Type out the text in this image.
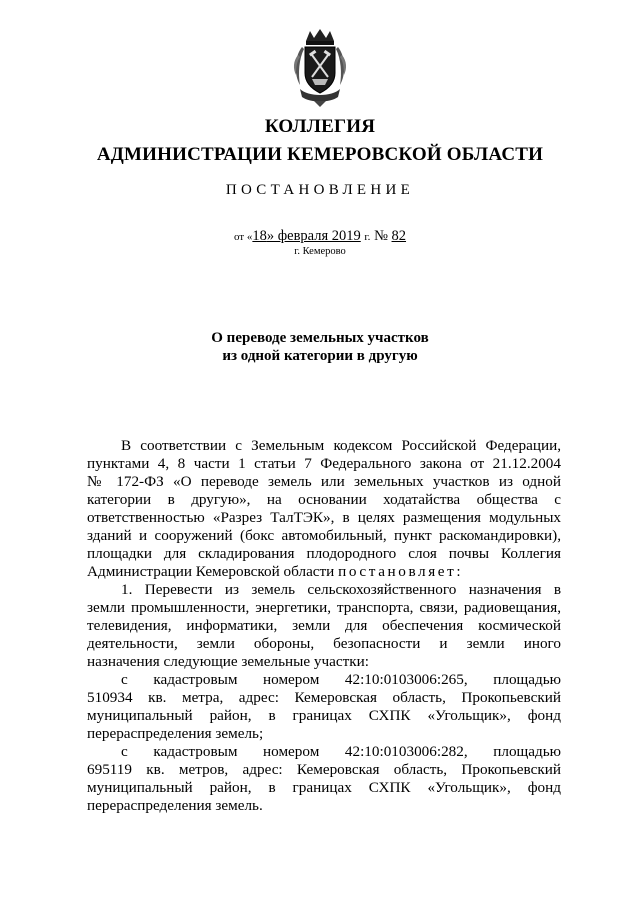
КОЛЛЕГИЯ
АДМИНИСТРАЦИИ КЕМЕРОВСКОЙ ОБЛАСТИ
ПОСТАНОВЛЕНИЕ
от «18» февраля 2019 г. № 82
г. Кемерово
О переводе земельных участков
из одной категории в другую
В соответствии с Земельным кодексом Российской Федерации,
пунктами 4, 8 части 1 статьи 7 Федерального закона от 21.12.2004
№ 172-ФЗ «О переводе земель или земельных участков из одной
категории в другую», на основании ходатайства общества с
ответственностью «Разрез ТалТЭК», в целях размещения модульных
зданий и сооружений (бокс автомобильный, пункт раскомандировки),
площадки для складирования плодородного слоя почвы Коллегия
Администрации Кемеровской области постановляет:
1. Перевести из земель сельскохозяйственного назначения в
земли промышленности, энергетики, транспорта, связи, радиовещания,
телевидения, информатики, земли для обеспечения космической
деятельности, земли обороны, безопасности и земли иного
назначения следующие земельные участки:
с кадастровым номером 42:10:0103006:265, площадью
510934 кв. метра, адрес: Кемеровская область, Прокопьевский
муниципальный район, в границах СХПК «Угольщик», фонд
перераспределения земель;
с кадастровым номером 42:10:0103006:282, площадью
695119 кв. метров, адрес: Кемеровская область, Прокопьевский
муниципальный район, в границах СХПК «Угольщик», фонд
перераспределения земель.
